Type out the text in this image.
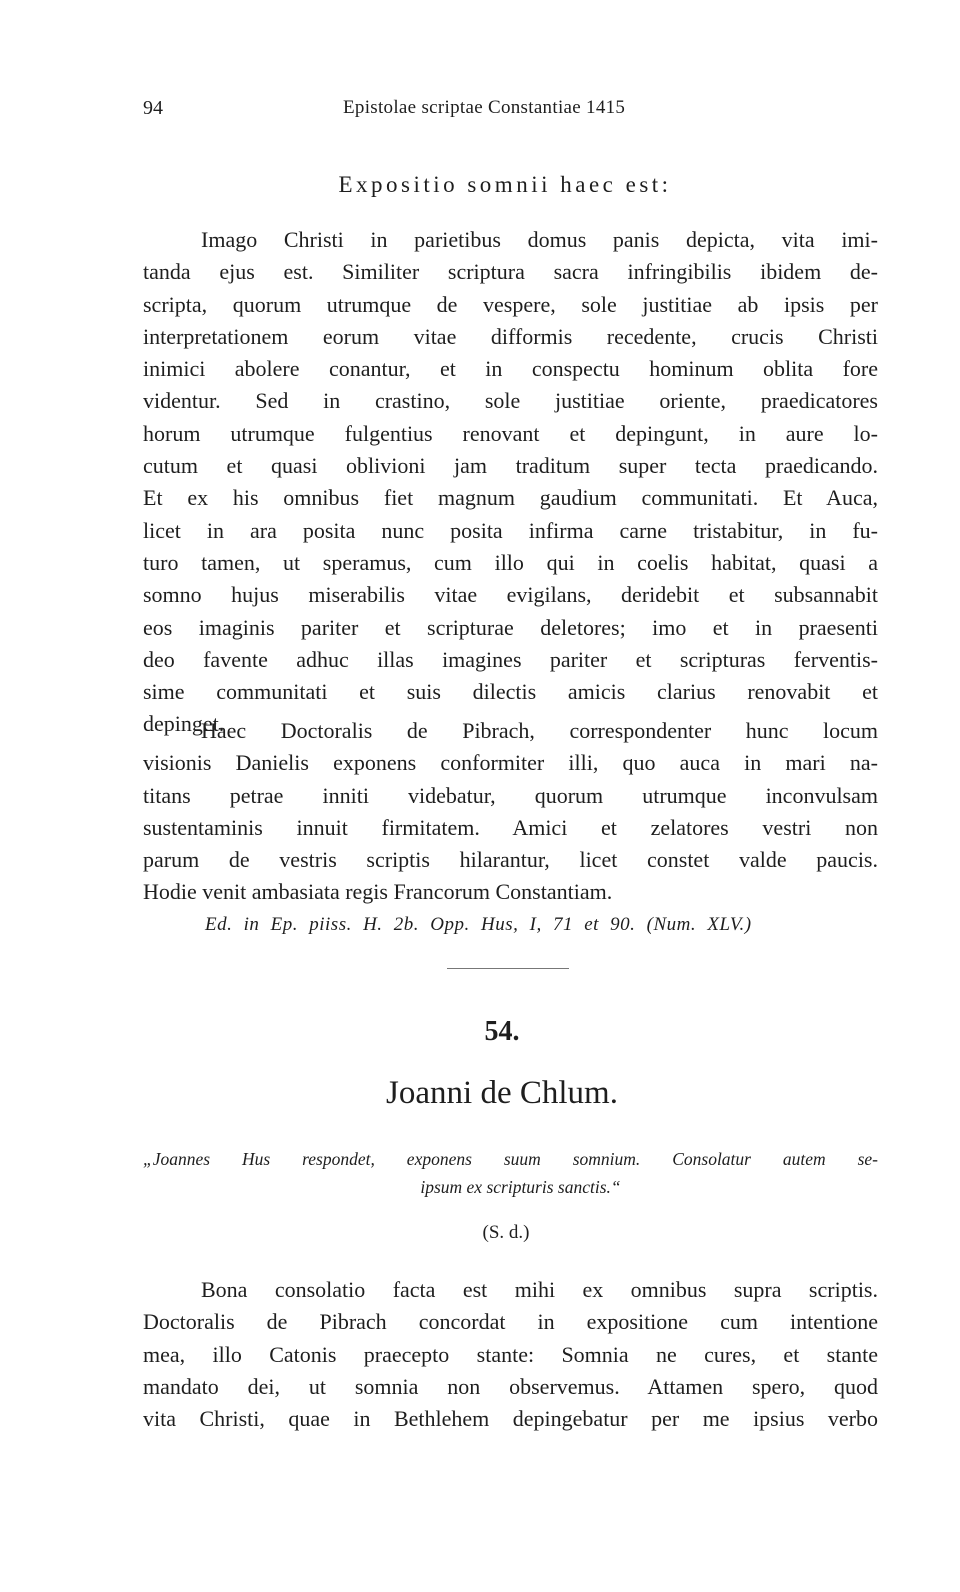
94	Epistolae scriptae Constantiae 1415
Expositio somnii haec est:
Imago Christi in parietibus domus panis depicta, vita imi-
tanda ejus est. Similiter scriptura sacra infringibilis ibidem de-
scripta, quorum utrumque de vespere, sole justitiae ab ipsis per
interpretationem eorum vitae difformis recedente, crucis Christi
inimici abolere conantur, et in conspectu hominum oblita fore
videntur. Sed in crastino, sole justitiae oriente, praedicatores
horum utrumque fulgentius renovant et depingunt, in aure lo-
cutum et quasi oblivioni jam traditum super tecta praedicando.
Et ex his omnibus fiet magnum gaudium communitati. Et Auca,
licet in ara posita nunc posita infirma carne tristabitur, in fu-
turo tamen, ut speramus, cum illo qui in coelis habitat, quasi a
somno hujus miserabilis vitae evigilans, deridebit et subsannabit
eos imaginis pariter et scripturae deletores; imo et in praesenti
deo favente adhuc illas imagines pariter et scripturas ferventis-
sime communitati et suis dilectis amicis clarius renovabit et
depinget.
Haec Doctoralis de Pibrach, correspondenter hunc locum
visionis Danielis exponens conformiter illi, quo auca in mari na-
titans petrae inniti videbatur, quorum utrumque inconvulsam
sustentaminis innuit firmitatem. Amici et zelatores vestri non
parum de vestris scriptis hilarantur, licet constet valde paucis.
Hodie venit ambasiata regis Francorum Constantiam.
Ed. in Ep. piiss. H. 2b. Opp. Hus, I, 71 et 90. (Num. XLV.)
54.
Joanni de Chlum.
„Joannes Hus respondet, exponens suum somnium. Consolatur autem se-
ipsum ex scripturis sanctis.“
(S. d.)
Bona consolatio facta est mihi ex omnibus supra scriptis.
Doctoralis de Pibrach concordat in expositione cum intentione
mea, illo Catonis praecepto stante: Somnia ne cures, et stante
mandato dei, ut somnia non observemus. Attamen spero, quod
vita Christi, quae in Bethlehem depingebatur per me ipsius verbo
